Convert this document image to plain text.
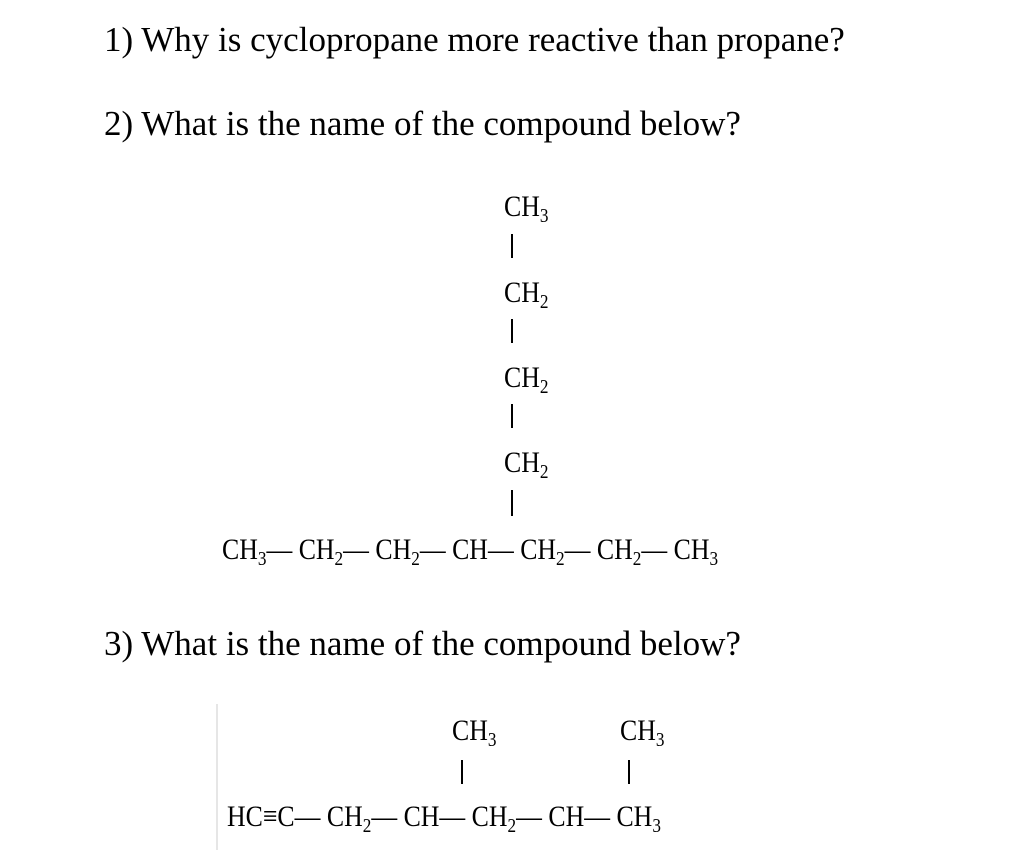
1) Why is cyclopropane more reactive than propane?
2) What is the name of the compound below?
$CH_3$
$CH_2$
$CH_2$
$CH_2$
$CH_3—$ $CH_2—$ $CH_2—$ CH— $CH_2—$ $CH_2—$ $CH_3$
3) What is the name of the compound below?
$CH_3$	$CH_3$
HC≡C— $CH_2—$ CH— $CH_2—$ CH— $CH_3$
